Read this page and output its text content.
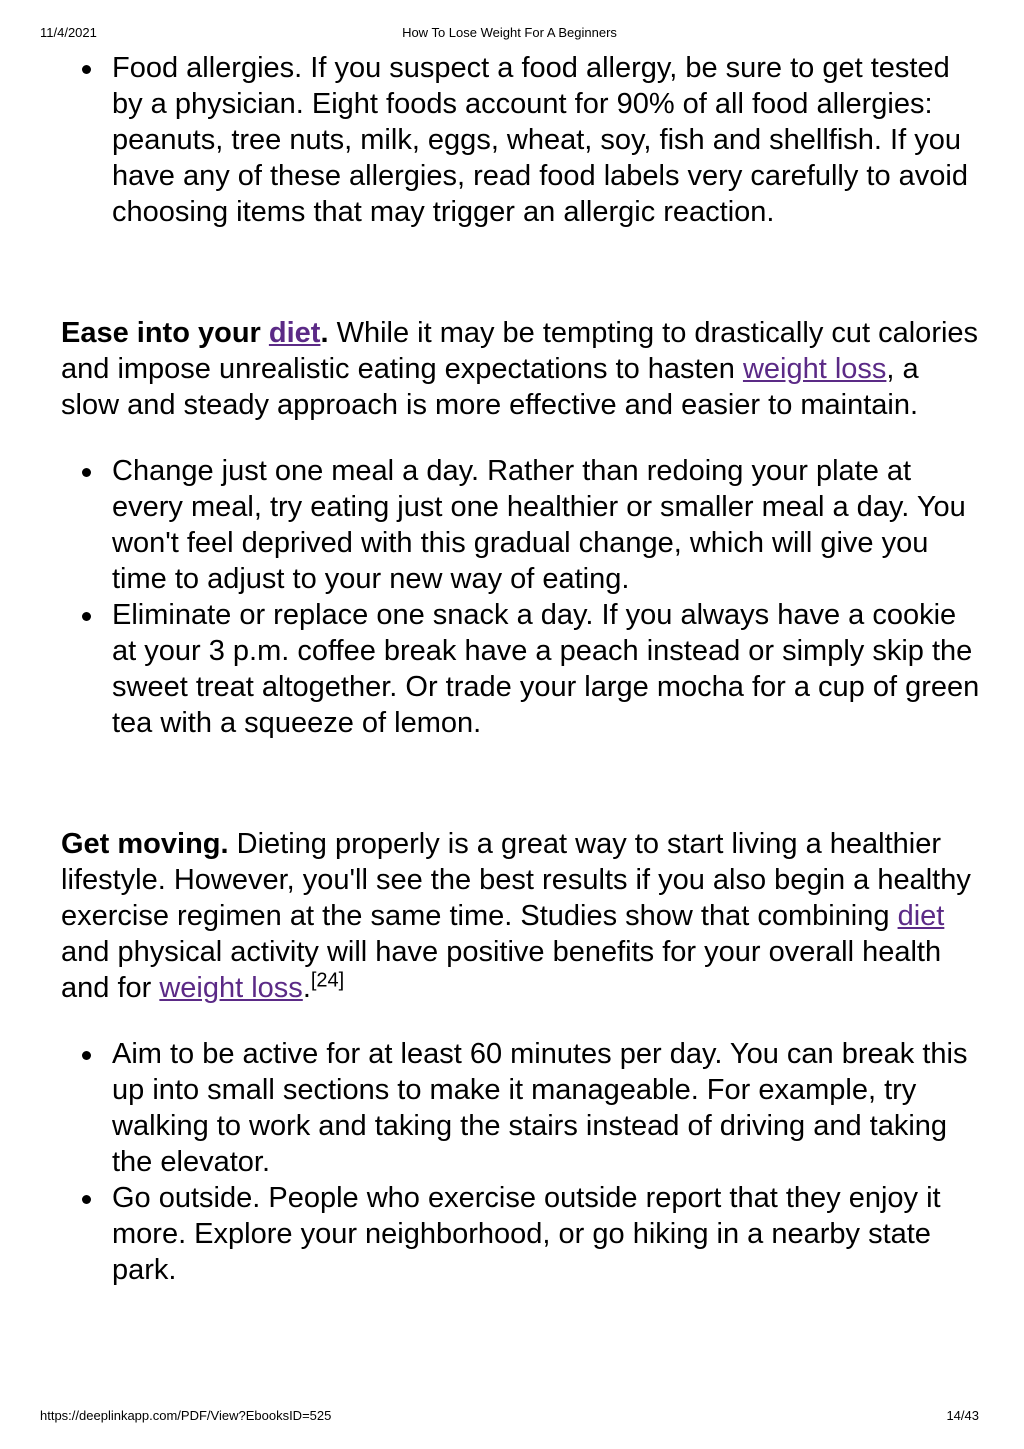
11/4/2021	How To Lose Weight For A Beginners
Food allergies. If you suspect a food allergy, be sure to get tested by a physician. Eight foods account for 90% of all food allergies: peanuts, tree nuts, milk, eggs, wheat, soy, fish and shellfish. If you have any of these allergies, read food labels very carefully to avoid choosing items that may trigger an allergic reaction.

Ease into your diet. While it may be tempting to drastically cut calories and impose unrealistic eating expectations to hasten weight loss, a slow and steady approach is more effective and easier to maintain.

Change just one meal a day. Rather than redoing your plate at every meal, try eating just one healthier or smaller meal a day. You won't feel deprived with this gradual change, which will give you time to adjust to your new way of eating.
Eliminate or replace one snack a day. If you always have a cookie at your 3 p.m. coffee break have a peach instead or simply skip the sweet treat altogether. Or trade your large mocha for a cup of green tea with a squeeze of lemon.

Get moving. Dieting properly is a great way to start living a healthier lifestyle. However, you'll see the best results if you also begin a healthy exercise regimen at the same time. Studies show that combining diet and physical activity will have positive benefits for your overall health and for weight loss.[24]

Aim to be active for at least 60 minutes per day. You can break this up into small sections to make it manageable. For example, try walking to work and taking the stairs instead of driving and taking the elevator.
Go outside. People who exercise outside report that they enjoy it more. Explore your neighborhood, or go hiking in a nearby state park.
https://deeplinkapp.com/PDF/View?EbooksID=525	14/43
